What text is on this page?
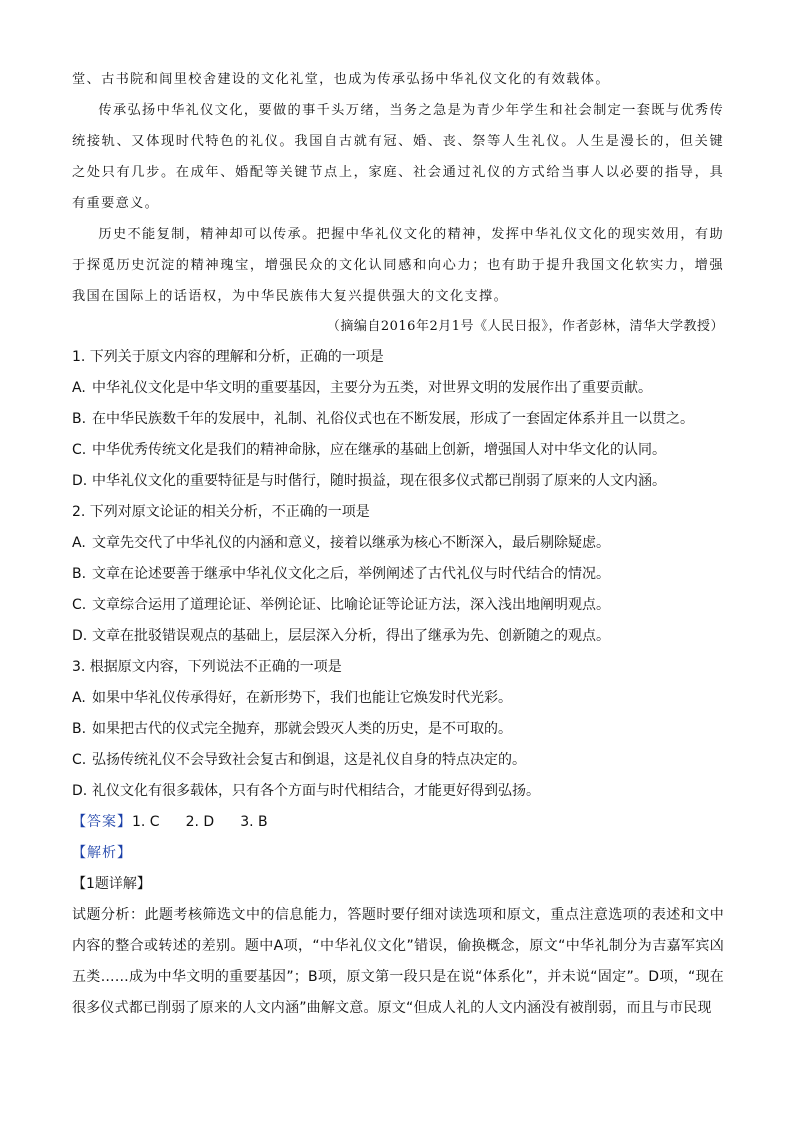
堂、古书院和闾里校舍建设的文化礼堂，也成为传承弘扬中华礼仪文化的有效载体。

传承弘扬中华礼仪文化，要做的事千头万绪，当务之急是为青少年学生和社会制定一套既与优秀传统接轨、又体现时代特色的礼仪。我国自古就有冠、婚、丧、祭等人生礼仪。人生是漫长的，但关键之处只有几步。在成年、婚配等关键节点上，家庭、社会通过礼仪的方式给当事人以必要的指导，具有重要意义。

历史不能复制，精神却可以传承。把握中华礼仪文化的精神，发挥中华礼仪文化的现实效用，有助于探觅历史沉淀的精神瑰宝，增强民众的文化认同感和向心力；也有助于提升我国文化软实力，增强我国在国际上的话语权，为中华民族伟大复兴提供强大的文化支撑。

（摘编自2016年2月1号《人民日报》，作者彭林，清华大学教授）

1. 下列关于原文内容的理解和分析，正确的一项是

A. 中华礼仪文化是中华文明的重要基因，主要分为五类，对世界文明的发展作出了重要贡献。

B. 在中华民族数千年的发展中，礼制、礼俗仪式也在不断发展，形成了一套固定体系并且一以贯之。

C. 中华优秀传统文化是我们的精神命脉，应在继承的基础上创新，增强国人对中华文化的认同。

D. 中华礼仪文化的重要特征是与时偕行，随时损益，现在很多仪式都已削弱了原来的人文内涵。

2. 下列对原文论证的相关分析，不正确的一项是

A. 文章先交代了中华礼仪的内涵和意义，接着以继承为核心不断深入，最后剔除疑虑。

B. 文章在论述要善于继承中华礼仪文化之后，举例阐述了古代礼仪与时代结合的情况。

C. 文章综合运用了道理论证、举例论证、比喻论证等论证方法，深入浅出地阐明观点。

D. 文章在批驳错误观点的基础上，层层深入分析，得出了继承为先、创新随之的观点。

3. 根据原文内容，下列说法不正确的一项是

A. 如果中华礼仪传承得好，在新形势下，我们也能让它焕发时代光彩。

B. 如果把古代的仪式完全抛弃，那就会毁灭人类的历史，是不可取的。

C. 弘扬传统礼仪不会导致社会复古和倒退，这是礼仪自身的特点决定的。

D. 礼仪文化有很多载体，只有各个方面与时代相结合，才能更好得到弘扬。

【答案】1. C 2. D 3. B

【解析】

【1题详解】

试题分析：此题考核筛选文中的信息能力，答题时要仔细对读选项和原文，重点注意选项的表述和文中内容的整合或转述的差别。题中A项，“中华礼仪文化”错误，偷换概念，原文“中华礼制分为吉嘉军宾凶五类……成为中华文明的重要基因”；B项，原文第一段只是在说“体系化”，并未说“固定”。D项，“现在很多仪式都已削弱了原来的人文内涵”曲解文意。原文“但成人礼的人文内涵没有被削弱，而且与市民现
